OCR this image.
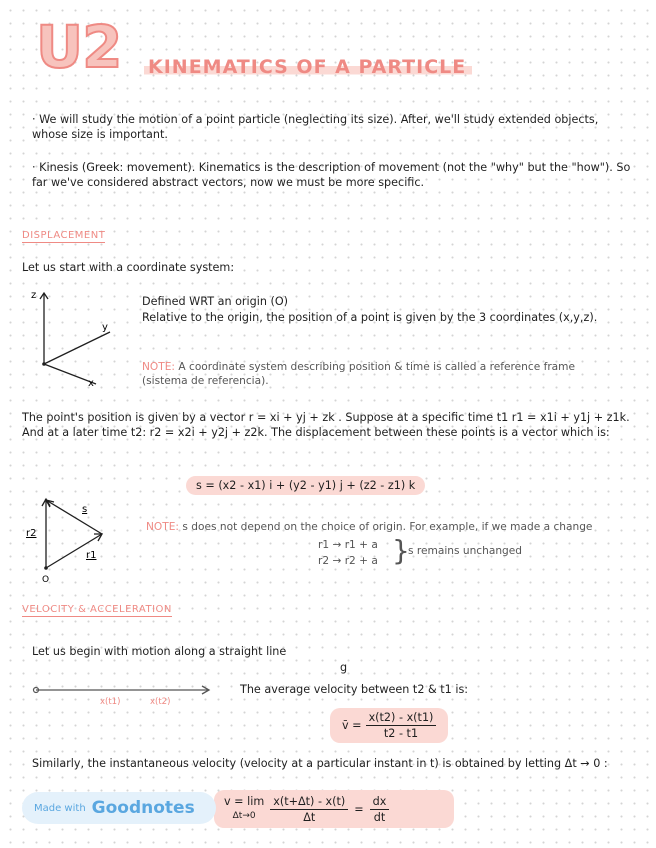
U2 KINEMATICS OF A PARTICLE
· We will study the motion of a point particle (neglecting its size). After, we'll study extended objects, whose size is important.
· Kinesis (Greek: movement). Kinematics is the description of movement (not the "why" but the "how"). So far we've considered abstract vectors, now we must be more specific.
DISPLACEMENT
Let us start with a coordinate system:
z
y
x
Defined WRT an origin (O)
Relative to the origin, the position of a point is given by the 3 coordinates (x,y,z).
NOTE: A coordinate system describing position & time is called a reference frame (sistema de referencia).
The point's position is given by a vector r = xi + yj + zk . Suppose at a specific time t1 r1 = x1i + y1j + z1k. And at a later time t2: r2 = x2i + y2j + z2k. The displacement between these points is a vector which is:
s = (x2 - x1) i + (y2 - y1) j + (z2 - z1) k
s
r2
r1
O
NOTE: s does not depend on the choice of origin. For example, if we made a change
r1 → r1 + a
r2 → r2 + a }
s remains unchanged
VELOCITY & ACCELERATION
Let us begin with motion along a straight line
g
x(t1)	x(t2)
The average velocity between t2 & t1 is:
v̄ = $\frac{x(t2) - x(t1)}{t2 - t1}$
Similarly, the instantaneous velocity (velocity at a particular instant in t) is obtained by letting Δt → 0 :
v = lim
$\Delta t\to 0 \frac{x(t+\Delta t) - x(t)}{\Delta t} = \frac{dx}{dt}$
Made with Goodnotes
